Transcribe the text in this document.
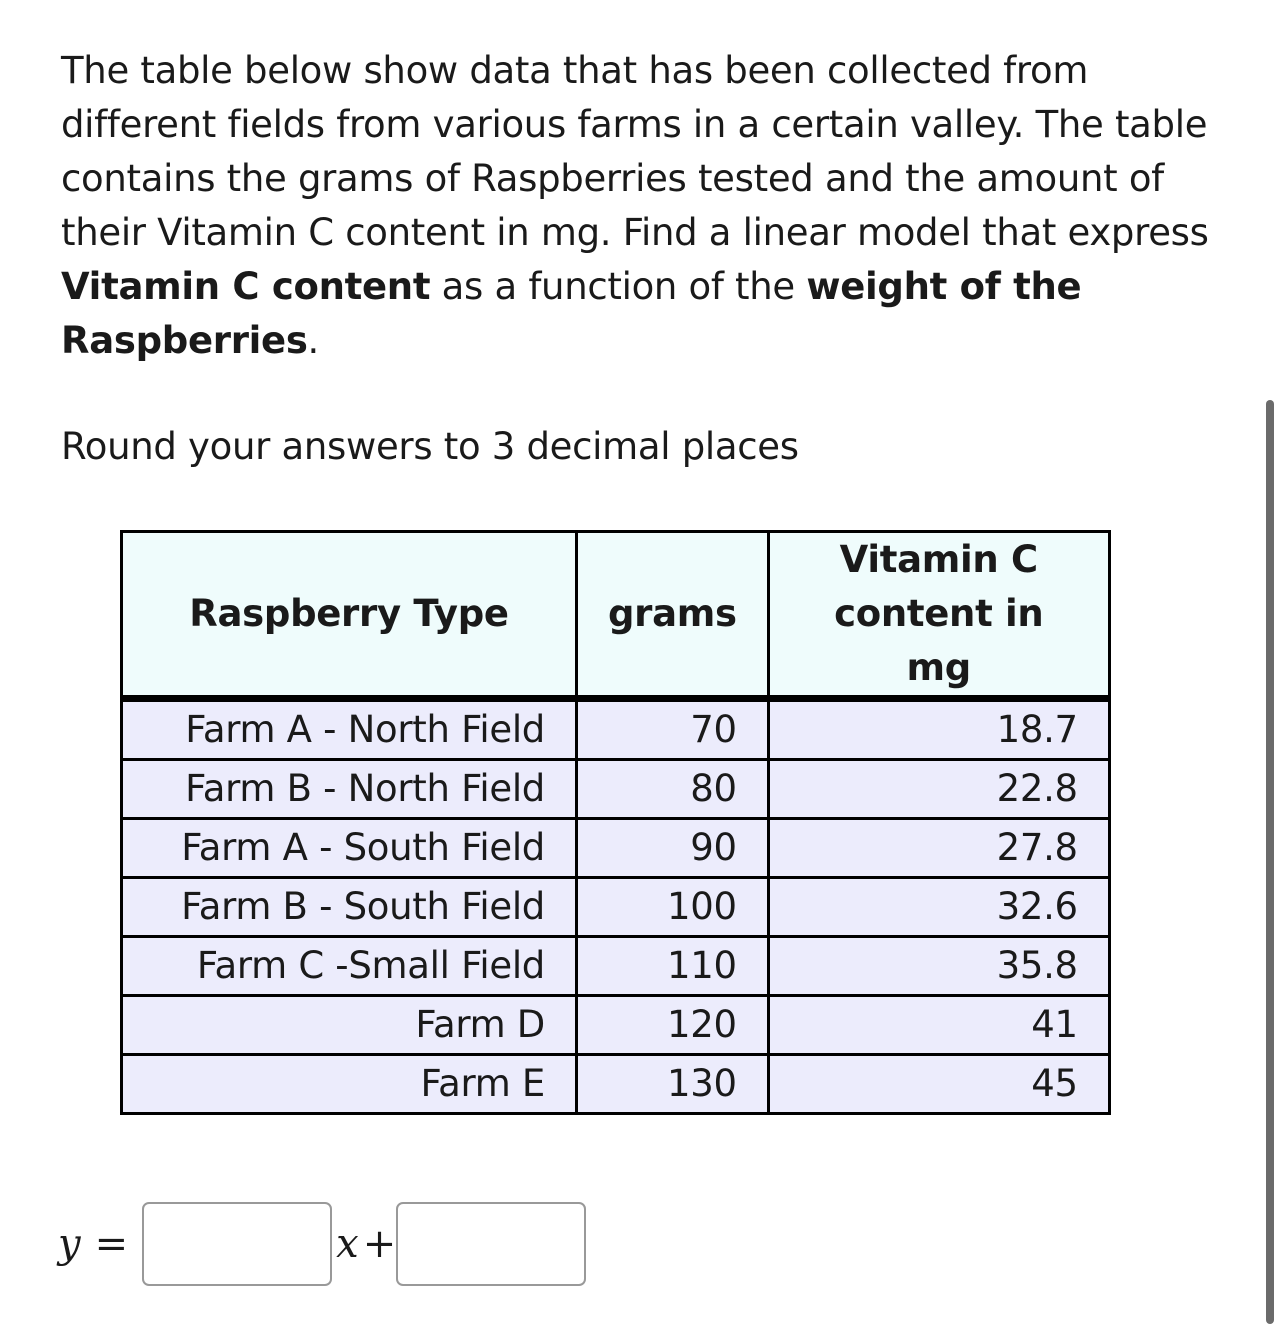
The table below show data that has been collected from different fields from various farms in a certain valley. The table contains the grams of Raspberries tested and the amount of their Vitamin C content in mg. Find a linear model that express Vitamin C content as a function of the weight of the Raspberries.

Round your answers to 3 decimal places

Raspberry Type	grams	Vitamin C
content in mg
Farm A - North Field	70	18.7
Farm B - North Field	80	22.8
Farm A - South Field	90	27.8
Farm B - South Field	100	32.6
Farm C -Small Field	110	35.8
Farm D	120	41
Farm E	130	45
y =	x +
